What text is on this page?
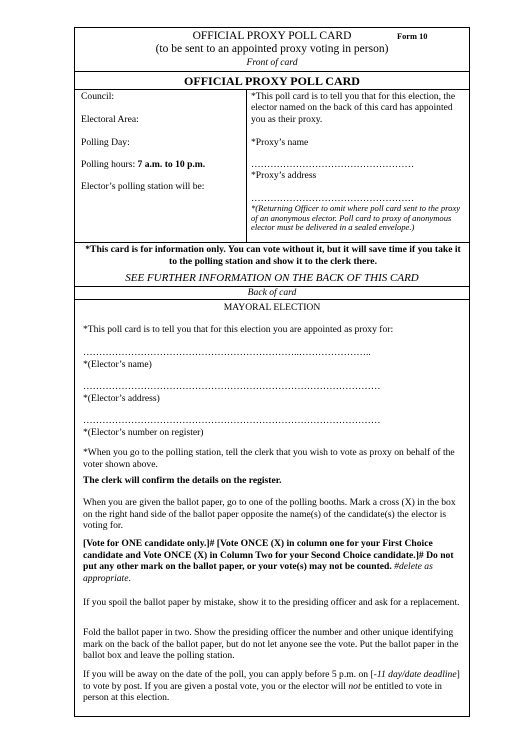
OFFICIAL PROXY POLL CARD	Form 10
(to be sent to an appointed proxy voting in person)
Front of card
OFFICIAL PROXY POLL CARD
Council:
Electoral Area:
Polling Day:
Polling hours: 7 a.m. to 10 p.m.
Elector’s polling station will be:
*This poll card is to tell you that for this election, the elector named on the back of this card has appointed you as their proxy.
*Proxy’s name
……………………………………………
*Proxy’s address
……………………………………………
*(Returning Officer to omit where poll card sent to the proxy of an anonymous elector. Poll card to proxy of anonymous elector must be delivered in a sealed envelope.)
*This card is for information only. You can vote without it, but it will save time if you take it to the polling station and show it to the clerk there.
SEE FURTHER INFORMATION ON THE BACK OF THIS CARD
Back of card
MAYORAL ELECTION
*This poll card is to tell you that for this election you are appointed as proxy for:
…………………………………………………………..…………………..
*(Elector’s name)
…………………………………………………………………………………
*(Elector’s address)
…………………………………………………………………………………
*(Elector’s number on register)
*When you go to the polling station, tell the clerk that you wish to vote as proxy on behalf of the voter shown above.
The clerk will confirm the details on the register.
When you are given the ballot paper, go to one of the polling booths. Mark a cross (X) in the box on the right hand side of the ballot paper opposite the name(s) of the candidate(s) the elector is voting for.
[Vote for ONE candidate only.]# [Vote ONCE (X) in column one for your First Choice candidate and Vote ONCE (X) in Column Two for your Second Choice candidate.]# Do not put any other mark on the ballot paper, or your vote(s) may not be counted. #delete as appropriate.
If you spoil the ballot paper by mistake, show it to the presiding officer and ask for a replacement.
Fold the ballot paper in two. Show the presiding officer the number and other unique identifying mark on the back of the ballot paper, but do not let anyone see the vote. Put the ballot paper in the ballot box and leave the polling station.
If you will be away on the date of the poll, you can apply before 5 p.m. on [-11 day/date deadline] to vote by post. If you are given a postal vote, you or the elector will not be entitled to vote in person at this election.
